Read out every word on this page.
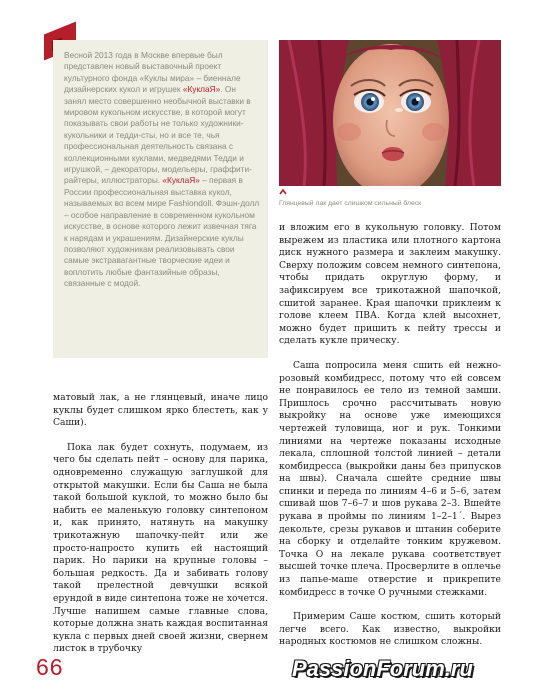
Весной 2013 года в Москве впервые был представлен новый выставочный проект культурного фонда «Куклы мира» – биеннале дизайнерских кукол и игрушек «КуклаЯ». Он занял место совершенно необычной выставки в мировом кукольном искусстве, в которой могут показывать свои работы не только художники-кукольники и тедди-сты, но и все те, чья профессиональная деятельность связана с коллекционными куклами, медведями Тедди и игрушкой, – декораторы, модельеры, граффити-райтеры, иллюстраторы. «КуклаЯ» – первая в России профессиональная выставка кукол, называемых во всем мире Fashiondoll. Фэшн-долл – особое направление в современном кукольном искусстве, в основе которого лежит извечная тяга к нарядам и украшениям. Дизайнерские куклы позволяют художникам реализовывать свои самые экстравагантные творческие идеи и воплотить любые фантазийные образы, связанные с модой.
Глянцевый лак дает слишком сильный блеск

матовый лак, а не глянцевый, иначе лицо куклы будет слишком ярко блестеть, как у Саши).

Пока лак будет сохнуть, подумаем, из чего бы сделать пейт – основу для парика, одновременно служащую заглушкой для открытой макушки. Если бы Саша не была такой большой куклой, то можно было бы набить ее маленькую головку синтепоном и, как принято, натянуть на макушку трикотажную шапочку-пейт или же просто-напросто купить ей настоящий парик. Но парики на крупные головы – большая редкость. Да и забивать голову такой прелестной девчушки всякой ерундой в виде синтепона тоже не хочется. Лучше напишем самые главные слова, которые должна знать каждая воспитанная кукла с первых дней своей жизни, свернем листок в трубочку

и вложим его в кукольную головку. Потом вырежем из пластика или плотного картона диск нужного размера и заклеим макушку. Сверху положим совсем немного синтепона, чтобы придать округлую форму, и зафиксируем все трикотажной шапочкой, сшитой заранее. Края шапочки приклеим к голове клеем ПВА. Когда клей высохнет, можно будет пришить к пейту трессы и сделать кукле прическу.

Саша попросила меня сшить ей нежно-розовый комбидресс, потому что ей совсем не понравилось ее тело из темной замши. Пришлось срочно рассчитывать новую выкройку на основе уже имеющихся чертежей туловища, ног и рук. Тонкими линиями на чертеже показаны исходные лекала, сплошной толстой линией – детали комбидресса (выкройки даны без припусков на швы). Сначала сшейте средние швы спинки и переда по линиям 4–6 и 5–6, затем сшивай шов 7–6–7 и шов рукава 2–3. Вшейте рукава в проймы по линиям 1–2–1´. Вырез декольте, срезы рукавов и штанин соберите на сборку и отделайте тонким кружевом. Точка О на лекале рукава соответствует высшей точке плеча. Просверлите в оплечье из папье-маше отверстие и прикрепите комбидресс в точке О ручными стежками.

Примерим Саше костюм, сшить который легче всего. Как известно, выкройки народных костюмов не слишком сложны.

66	PassionForum.ru
